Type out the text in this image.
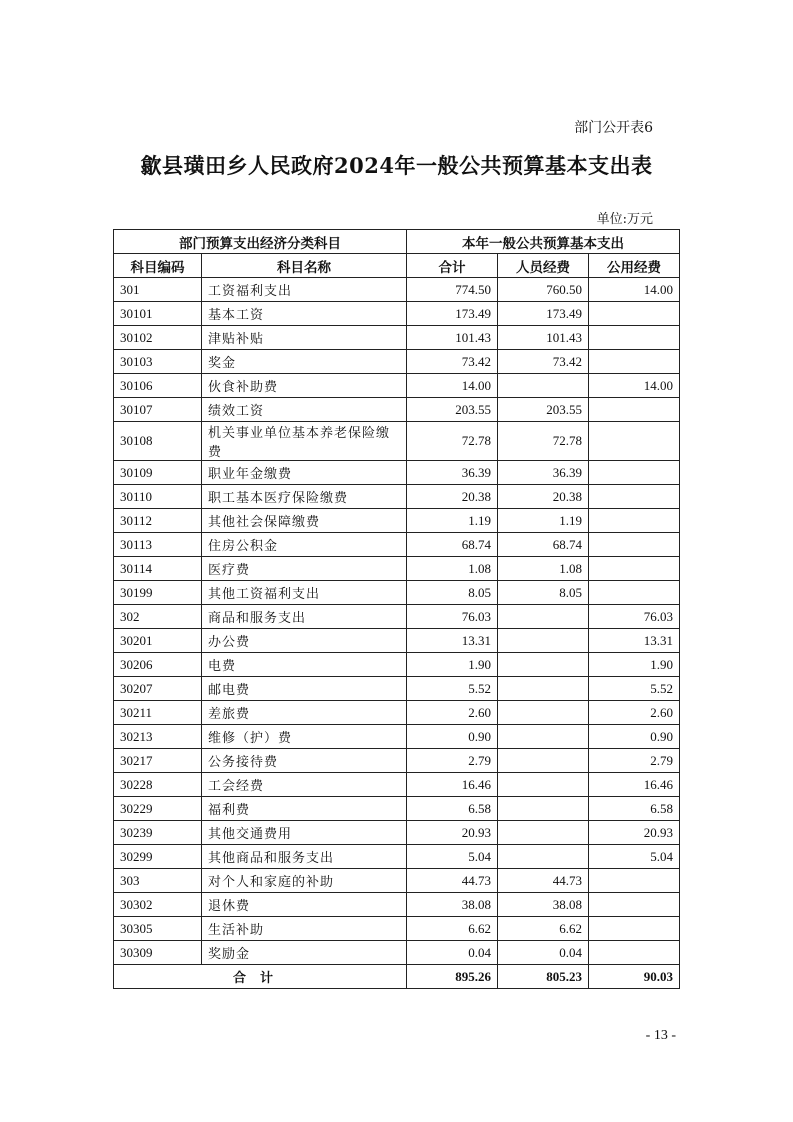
部门公开表6
歙县璜田乡人民政府2024年一般公共预算基本支出表
单位:万元
部门预算支出经济分类科目		本年一般公共预算基本支出		
科目编码	科目名称	合计	人员经费	公用经费
301	工资福利支出	774.50	760.50	14.00
30101	基本工资	173.49	173.49	
30102	津贴补贴	101.43	101.43	
30103	奖金	73.42	73.42	
30106	伙食补助费	14.00		14.00
30107	绩效工资	203.55	203.55	
30108	机关事业单位基本养老保险缴费	72.78	72.78	
30109	职业年金缴费	36.39	36.39	
30110	职工基本医疗保险缴费	20.38	20.38	
30112	其他社会保障缴费	1.19	1.19	
30113	住房公积金	68.74	68.74	
30114	医疗费	1.08	1.08	
30199	其他工资福利支出	8.05	8.05	
302	商品和服务支出	76.03		76.03
30201	办公费	13.31		13.31
30206	电费	1.90		1.90
30207	邮电费	5.52		5.52
30211	差旅费	2.60		2.60
30213	维修（护）费	0.90		0.90
30217	公务接待费	2.79		2.79
30228	工会经费	16.46		16.46
30229	福利费	6.58		6.58
30239	其他交通费用	20.93		20.93
30299	其他商品和服务支出	5.04		5.04
303	对个人和家庭的补助	44.73	44.73	
30302	退休费	38.08	38.08	
30305	生活补助	6.62	6.62	
30309	奖励金	0.04	0.04	
合计		895.26	805.23	90.03
- 13 -
